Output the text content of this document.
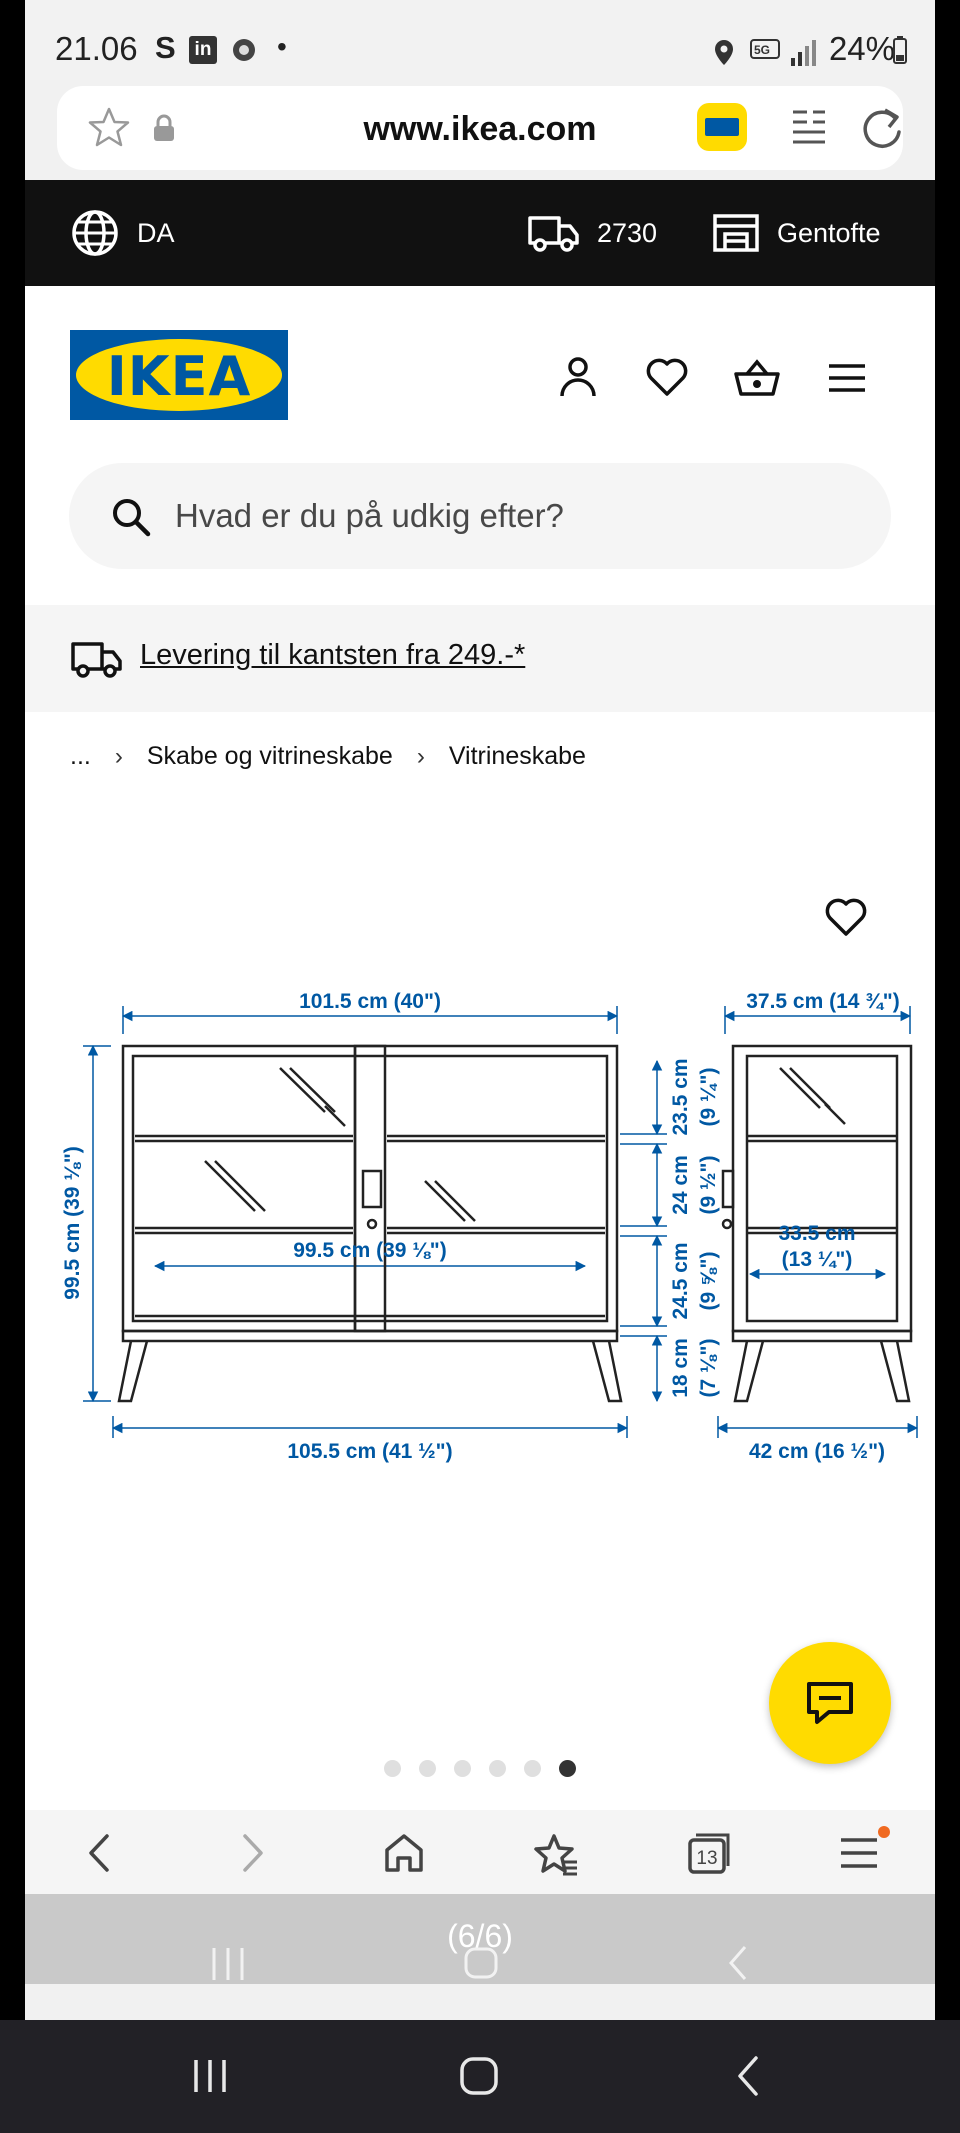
21.06 S in •	5G 24%
www.ikea.com
DA	2730	Gentofte
IKEA
Hvad er du på udkig efter?
Levering til kantsten fra 249.-*
... › Skabe og vitrineskabe › Vitrineskabe
101.5 cm (40")
99.5 cm (39 ⅛")
105.5 cm (41 ½")
99.5 cm (39 ⅛")
23.5 cm (9 ¼")
24 cm (9 ½")
24.5 cm (9 ⅝")
18 cm (7 ⅛")
37.5 cm (14 ¾")
33.5 cm
(13 ¼")
42 cm (16 ½")
13
(6/6)
